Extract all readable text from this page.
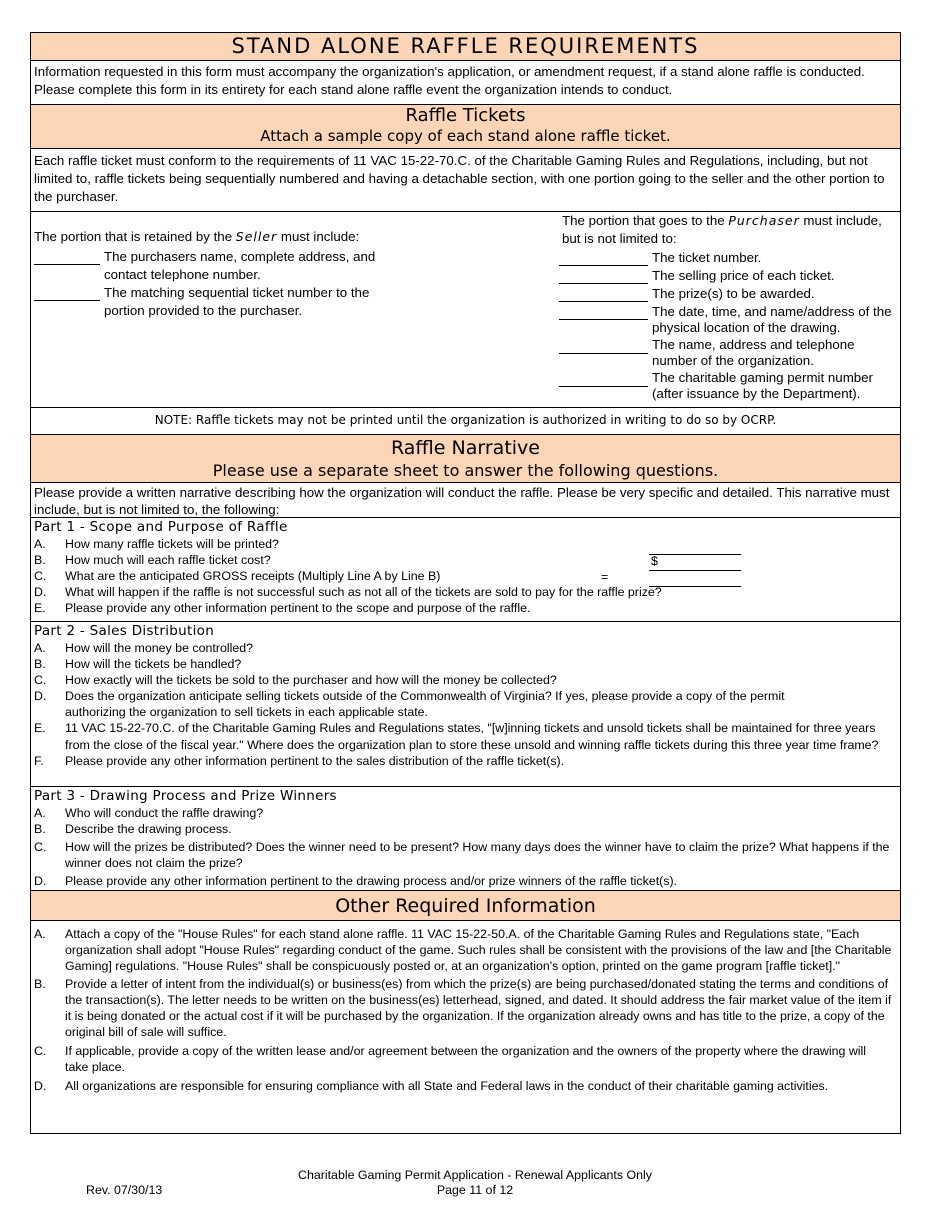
STAND ALONE RAFFLE REQUIREMENTS
Information requested in this form must accompany the organization's application, or amendment request, if a stand alone raffle is conducted. Please complete this form in its entirety for each stand alone raffle event the organization intends to conduct.
Raffle Tickets
Attach a sample copy of each stand alone raffle ticket.
Each raffle ticket must conform to the requirements of 11 VAC 15-22-70.C. of the Charitable Gaming Rules and Regulations, including, but not limited to, raffle tickets being sequentially numbered and having a detachable section, with one portion going to the seller and the other portion to the purchaser.
The portion that is retained by the Seller must include:
The purchasers name, complete address, and contact telephone number.
The matching sequential ticket number to the portion provided to the purchaser.
The portion that goes to the Purchaser must include, but is not limited to:
The ticket number.
The selling price of each ticket.
The prize(s) to be awarded.
The date, time, and name/address of the physical location of the drawing.
The name, address and telephone number of the organization.
The charitable gaming permit number (after issuance by the Department).
NOTE: Raffle tickets may not be printed until the organization is authorized in writing to do so by OCRP.
Raffle Narrative
Please use a separate sheet to answer the following questions.
Please provide a written narrative describing how the organization will conduct the raffle. Please be very specific and detailed. This narrative must include, but is not limited to, the following:
Part 1 - Scope and Purpose of Raffle
A. How many raffle tickets will be printed?
B. How much will each raffle ticket cost?
C. What are the anticipated GROSS receipts (Multiply Line A by Line B)
D. What will happen if the raffle is not successful such as not all of the tickets are sold to pay for the raffle prize?
E. Please provide any other information pertinent to the scope and purpose of the raffle.
$
=
Part 2 - Sales Distribution
A. How will the money be controlled?
B. How will the tickets be handled?
C. How exactly will the tickets be sold to the purchaser and how will the money be collected?
D. Does the organization anticipate selling tickets outside of the Commonwealth of Virginia? If yes, please provide a copy of the permit authorizing the organization to sell tickets in each applicable state.
E. 11 VAC 15-22-70.C. of the Charitable Gaming Rules and Regulations states, "[w]inning tickets and unsold tickets shall be maintained for three years from the close of the fiscal year." Where does the organization plan to store these unsold and winning raffle tickets during this three year time frame?
F. Please provide any other information pertinent to the sales distribution of the raffle ticket(s).
Part 3 - Drawing Process and Prize Winners
A. Who will conduct the raffle drawing?
B. Describe the drawing process.
C. How will the prizes be distributed? Does the winner need to be present? How many days does the winner have to claim the prize? What happens if the winner does not claim the prize?
D. Please provide any other information pertinent to the drawing process and/or prize winners of the raffle ticket(s).
Other Required Information
A. Attach a copy of the "House Rules" for each stand alone raffle. 11 VAC 15-22-50.A. of the Charitable Gaming Rules and Regulations state, "Each organization shall adopt "House Rules" regarding conduct of the game. Such rules shall be consistent with the provisions of the law and [the Charitable Gaming] regulations. "House Rules" shall be conspicuously posted or, at an organization's option, printed on the game program [raffle ticket]."
B. Provide a letter of intent from the individual(s) or business(es) from which the prize(s) are being purchased/donated stating the terms and conditions of the transaction(s). The letter needs to be written on the business(es) letterhead, signed, and dated. It should address the fair market value of the item if it is being donated or the actual cost if it will be purchased by the organization. If the organization already owns and has title to the prize, a copy of the original bill of sale will suffice.
C. If applicable, provide a copy of the written lease and/or agreement between the organization and the owners of the property where the drawing will take place.
D. All organizations are responsible for ensuring compliance with all State and Federal laws in the conduct of their charitable gaming activities.
Charitable Gaming Permit Application - Renewal Applicants Only
Page 11 of 12
Rev. 07/30/13
